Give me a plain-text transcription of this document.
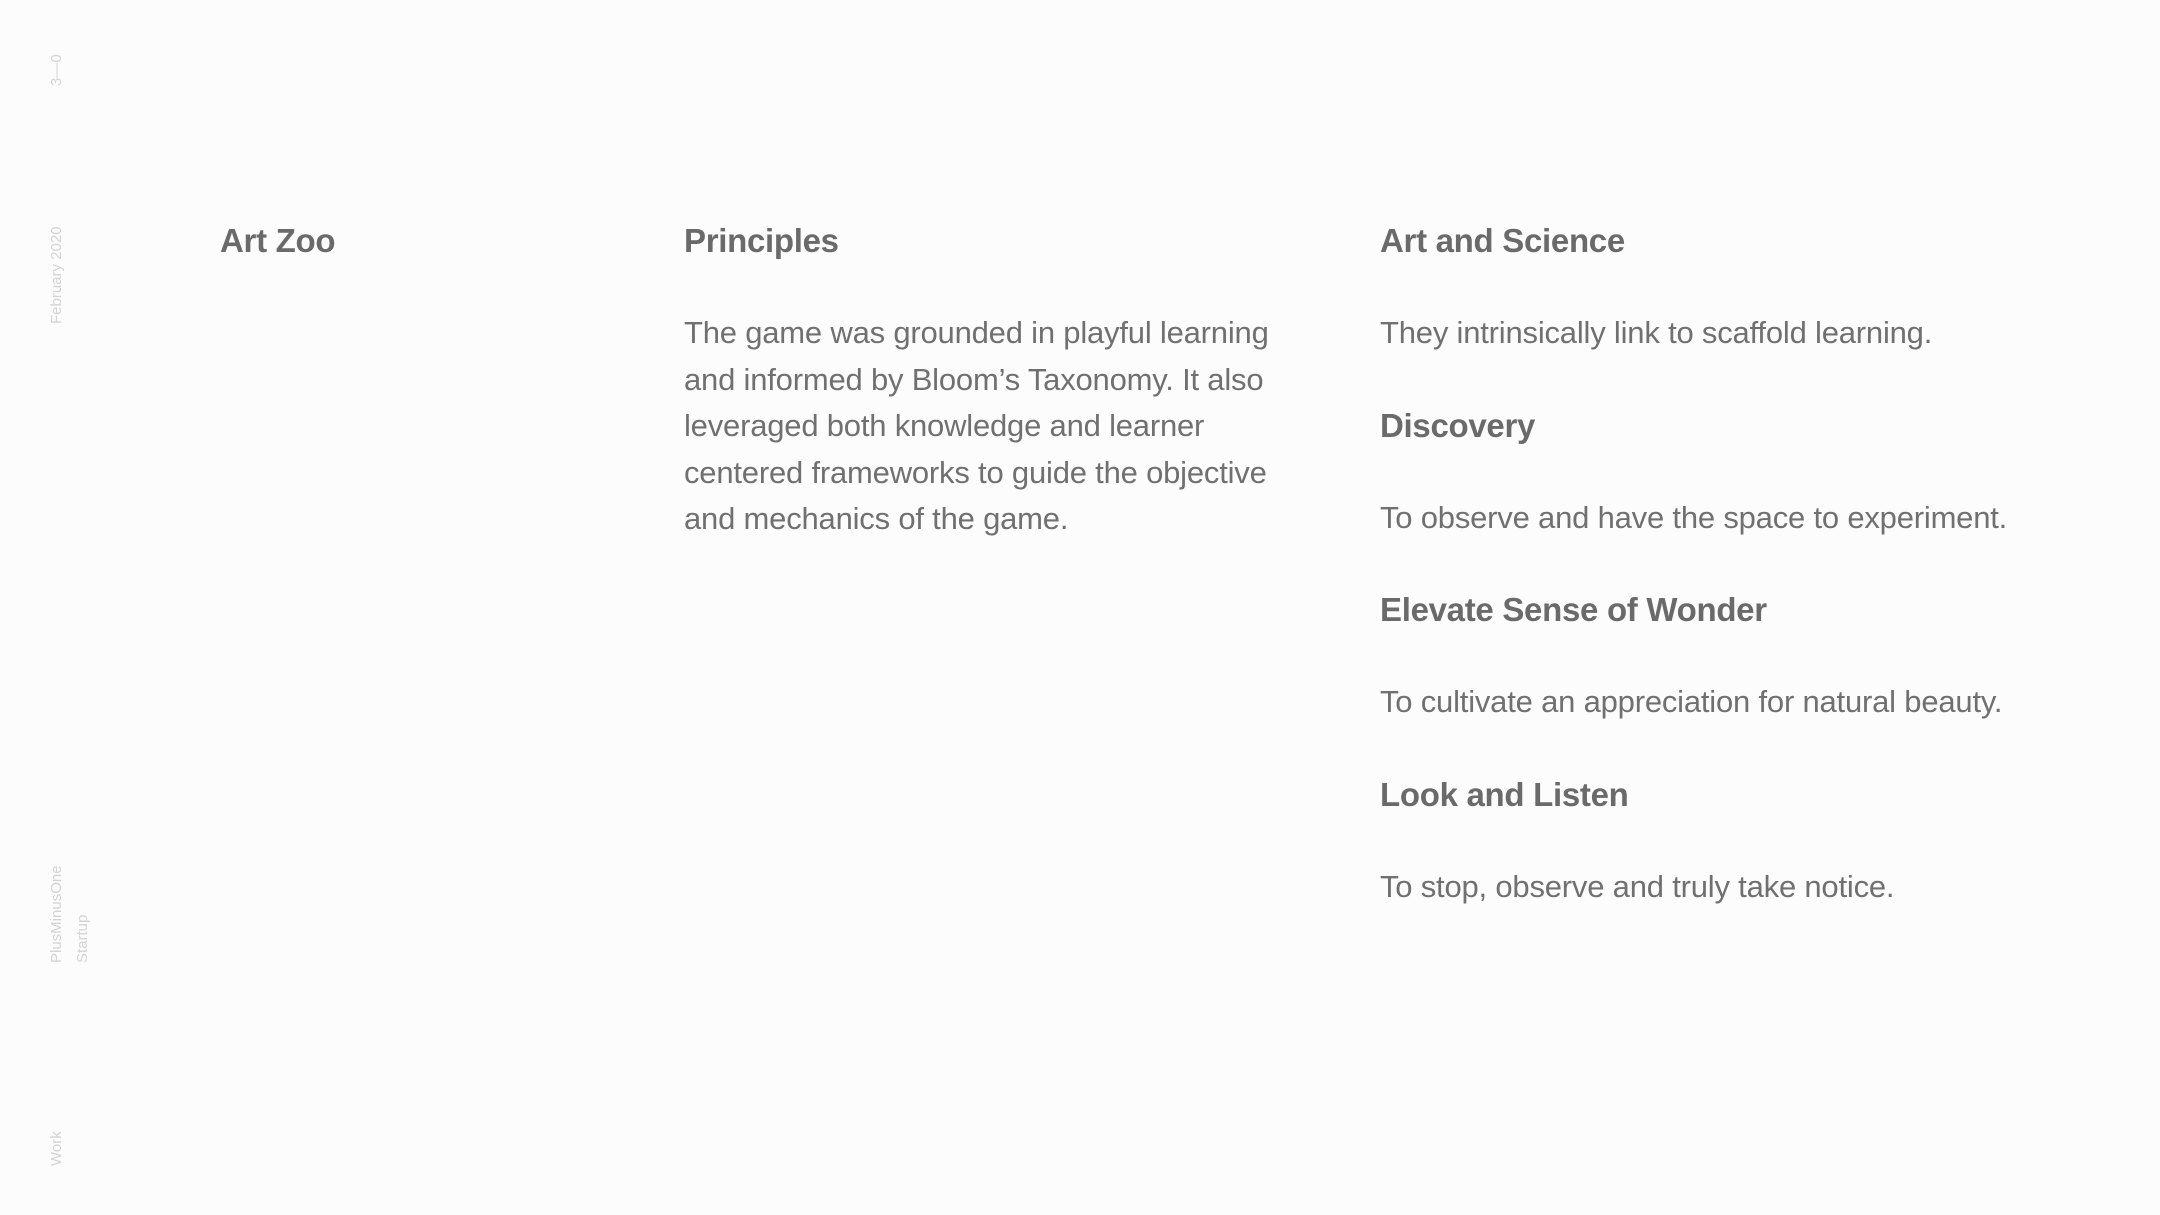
3—0
February 2020
PlusMinusOne Startup
Work
Art Zoo	Principles

The game was grounded in playful learning and informed by Bloom’s Taxonomy. It also leveraged both knowledge and learner centered frameworks to guide the objective and mechanics of the game.

Art and Science

They intrinsically link to scaffold learning.

Discovery

To observe and have the space to experiment.

Elevate Sense of Wonder

To cultivate an appreciation for natural beauty.

Look and Listen

To stop, observe and truly take notice.
